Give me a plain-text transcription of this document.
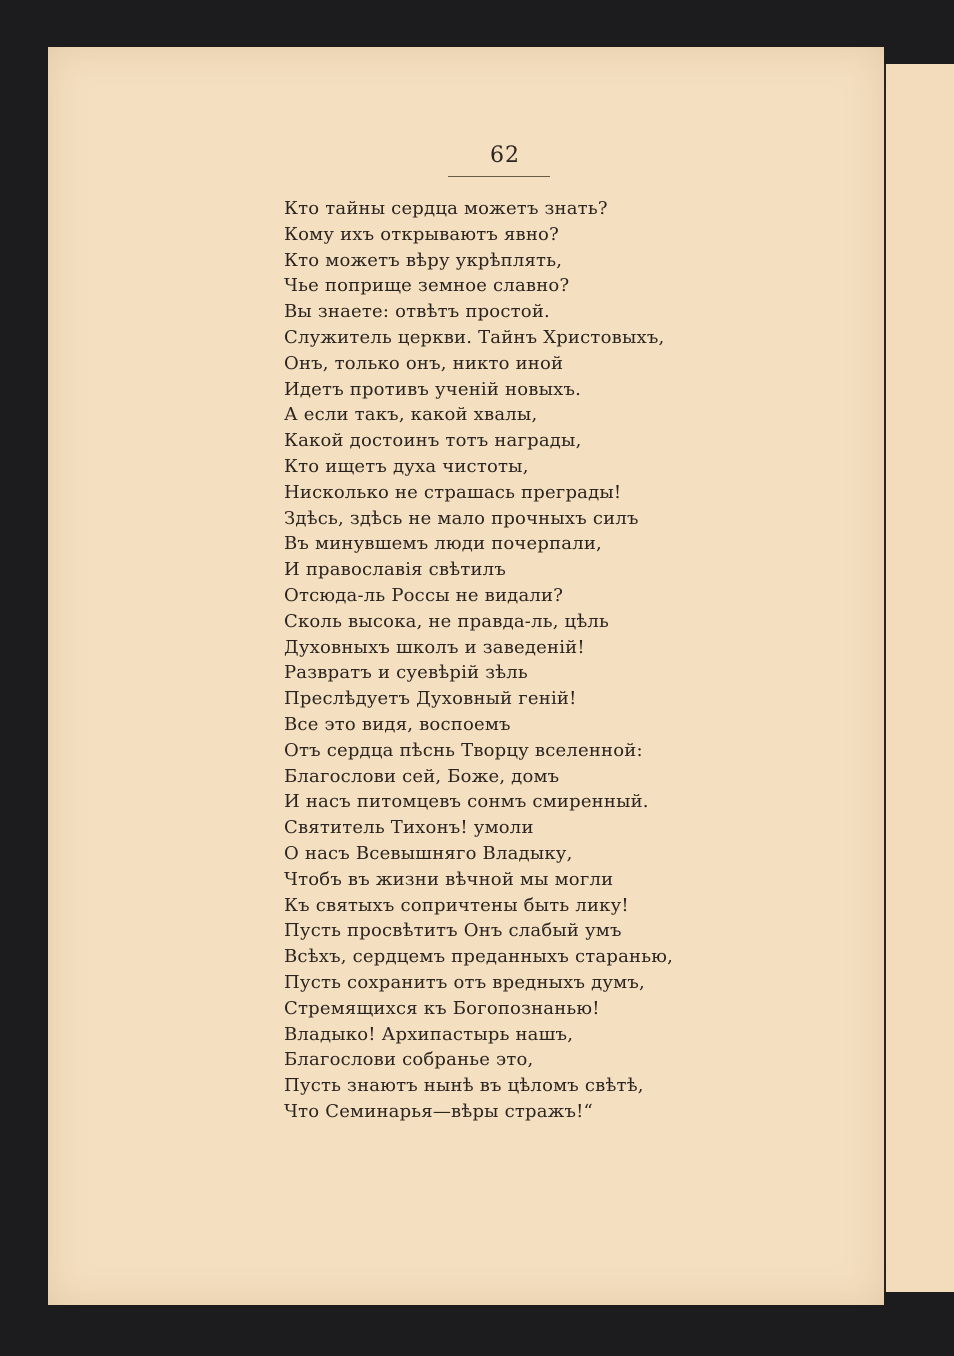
62
Кто тайны сердца можетъ знать?
Кому ихъ открываютъ явно?
Кто можетъ вѣру укрѣплять,
Чье поприще земное славно?
Вы знаете: отвѣтъ простой.
Служитель церкви. Тайнъ Христовыхъ,
Онъ, только онъ, никто иной
Идетъ противъ ученій новыхъ.
А если такъ, какой хвалы,
Какой достоинъ тотъ награды,
Кто ищетъ духа чистоты,
Нисколько не страшась преграды!
Здѣсь, здѣсь не мало прочныхъ силъ
Въ минувшемъ люди почерпали,
И православія свѣтилъ
Отсюда-ль Россы не видали?
Сколь высока, не правда-ль, цѣль
Духовныхъ школъ и заведеній!
Развратъ и суевѣрій зѣль
Преслѣдуетъ Духовный геній!
Все это видя, воспоемъ
Отъ сердца пѣснь Творцу вселенной:
Благослови сей, Боже, домъ
И насъ питомцевъ сонмъ смиренный.
Святитель Тихонъ! умоли
О насъ Всевышняго Владыку,
Чтобъ въ жизни вѣчной мы могли
Къ святыхъ сопричтены быть лику!
Пусть просвѣтитъ Онъ слабый умъ
Всѣхъ, сердцемъ преданныхъ старанью,
Пусть сохранитъ отъ вредныхъ думъ,
Стремящихся къ Богопознанью!
Владыко! Архипастырь нашъ,
Благослови собранье это,
Пусть знаютъ нынѣ въ цѣломъ свѣтѣ,
Что Семинарья—вѣры стражъ!“
